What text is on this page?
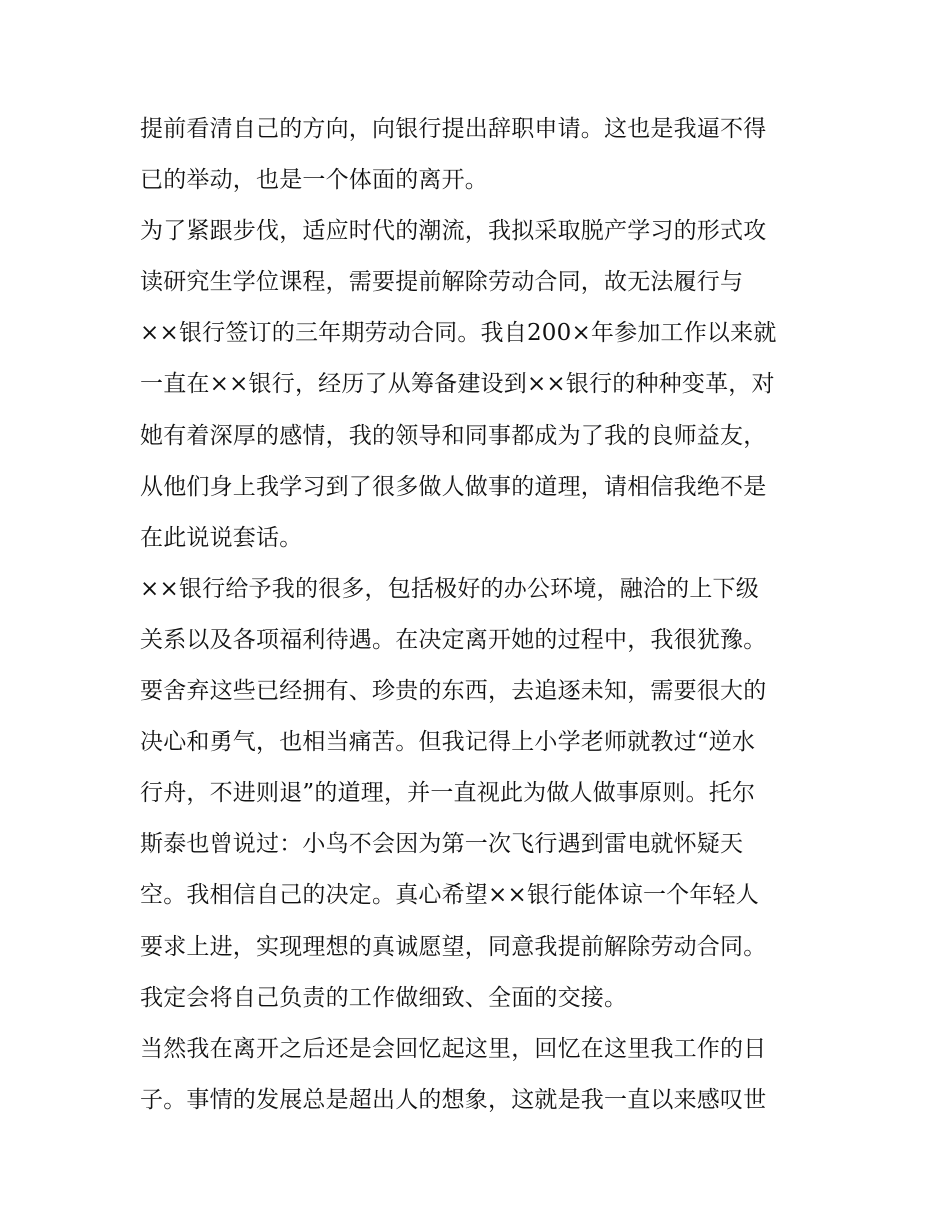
提前看清自己的方向，向银行提出辞职申请。这也是我逼不得
已的举动，也是一个体面的离开。
为了紧跟步伐，适应时代的潮流，我拟采取脱产学习的形式攻
读研究生学位课程，需要提前解除劳动合同，故无法履行与
××银行签订的三年期劳动合同。我自200×年参加工作以来就
一直在××银行，经历了从筹备建设到××银行的种种变革，对
她有着深厚的感情，我的领导和同事都成为了我的良师益友，
从他们身上我学习到了很多做人做事的道理，请相信我绝不是
在此说说套话。
××银行给予我的很多，包括极好的办公环境，融洽的上下级
关系以及各项福利待遇。在决定离开她的过程中，我很犹豫。
要舍弃这些已经拥有、珍贵的东西，去追逐未知，需要很大的
决心和勇气，也相当痛苦。但我记得上小学老师就教过“逆水
行舟，不进则退”的道理，并一直视此为做人做事原则。托尔
斯泰也曾说过：小鸟不会因为第一次飞行遇到雷电就怀疑天
空。我相信自己的决定。真心希望××银行能体谅一个年轻人
要求上进，实现理想的真诚愿望，同意我提前解除劳动合同。
我定会将自己负责的工作做细致、全面的交接。
当然我在离开之后还是会回忆起这里，回忆在这里我工作的日
子。事情的发展总是超出人的想象，这就是我一直以来感叹世
